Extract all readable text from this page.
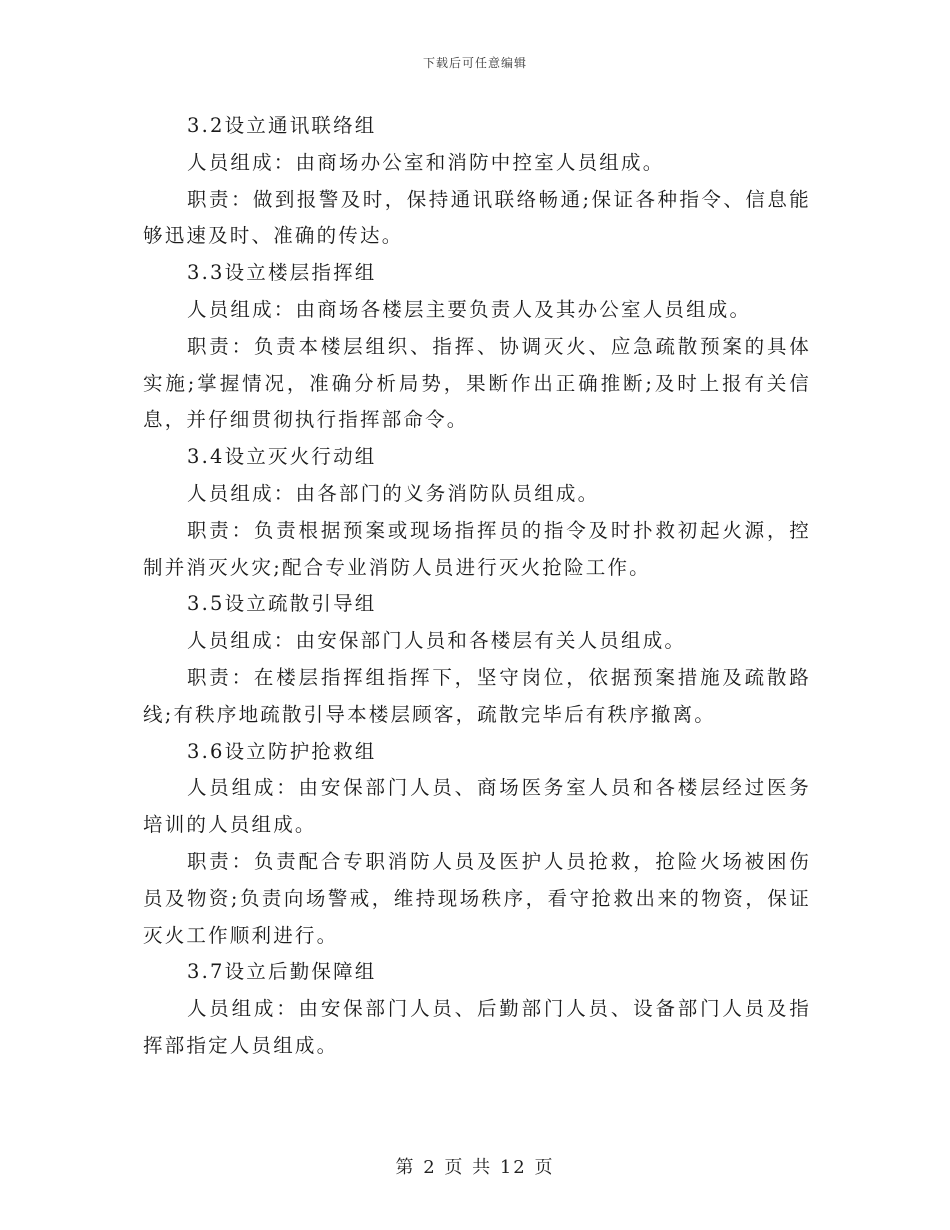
下载后可任意编辑

3.2设立通讯联络组

人员组成：由商场办公室和消防中控室人员组成。

职责：做到报警及时，保持通讯联络畅通;保证各种指令、信息能够迅速及时、准确的传达。

3.3设立楼层指挥组

人员组成：由商场各楼层主要负责人及其办公室人员组成。

职责：负责本楼层组织、指挥、协调灭火、应急疏散预案的具体实施;掌握情况，准确分析局势，果断作出正确推断;及时上报有关信息，并仔细贯彻执行指挥部命令。

3.4设立灭火行动组

人员组成：由各部门的义务消防队员组成。

职责：负责根据预案或现场指挥员的指令及时扑救初起火源，控制并消灭火灾;配合专业消防人员进行灭火抢险工作。

3.5设立疏散引导组

人员组成：由安保部门人员和各楼层有关人员组成。

职责：在楼层指挥组指挥下，坚守岗位，依据预案措施及疏散路线;有秩序地疏散引导本楼层顾客，疏散完毕后有秩序撤离。

3.6设立防护抢救组

人员组成：由安保部门人员、商场医务室人员和各楼层经过医务培训的人员组成。

职责：负责配合专职消防人员及医护人员抢救，抢险火场被困伤员及物资;负责向场警戒，维持现场秩序，看守抢救出来的物资，保证灭火工作顺利进行。

3.7设立后勤保障组

人员组成：由安保部门人员、后勤部门人员、设备部门人员及指挥部指定人员组成。

第 2 页 共 12 页
